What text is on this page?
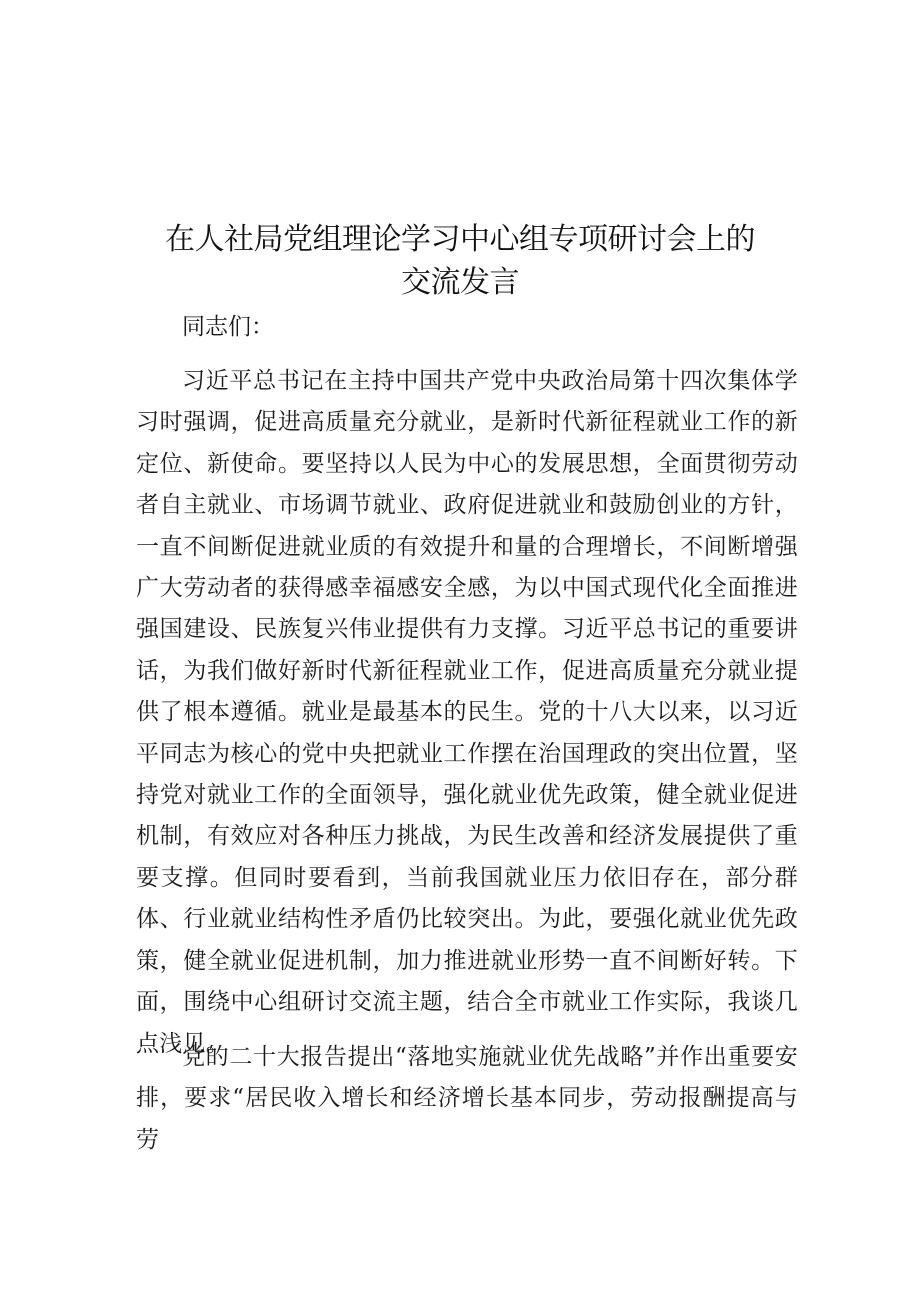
在人社局党组理论学习中心组专项研讨会上的
交流发言
同志们：

习近平总书记在主持中国共产党中央政治局第十四次集体学习时强调，促进高质量充分就业，是新时代新征程就业工作的新定位、新使命。要坚持以人民为中心的发展思想，全面贯彻劳动者自主就业、市场调节就业、政府促进就业和鼓励创业的方针，一直不间断促进就业质的有效提升和量的合理增长，不间断增强广大劳动者的获得感幸福感安全感，为以中国式现代化全面推进强国建设、民族复兴伟业提供有力支撑。习近平总书记的重要讲话，为我们做好新时代新征程就业工作，促进高质量充分就业提供了根本遵循。就业是最基本的民生。党的十八大以来，以习近平同志为核心的党中央把就业工作摆在治国理政的突出位置，坚持党对就业工作的全面领导，强化就业优先政策，健全就业促进机制，有效应对各种压力挑战，为民生改善和经济发展提供了重要支撑。但同时要看到，当前我国就业压力依旧存在，部分群体、行业就业结构性矛盾仍比较突出。为此，要强化就业优先政策，健全就业促进机制，加力推进就业形势一直不间断好转。下面，围绕中心组研讨交流主题，结合全市就业工作实际，我谈几点浅见。

党的二十大报告提出“落地实施就业优先战略”并作出重要安排，要求“居民收入增长和经济增长基本同步，劳动报酬提高与劳
